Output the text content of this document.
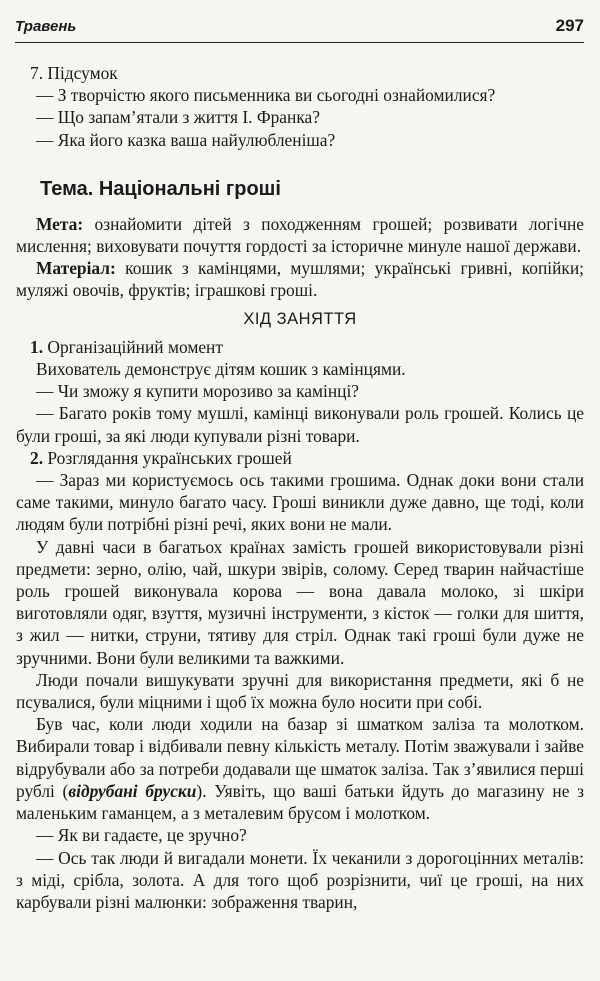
Травень	297

7. Підсумок

— З творчістю якого письменника ви сьогодні ознайомилися?

— Що запам’ятали з життя І. Франка?

— Яка його казка ваша найулюбленіша?

Тема. Національні гроші

Мета: ознайомити дітей з походженням грошей; розвивати логічне мислення; виховувати почуття гордості за історичне минуле нашої держави.

Матеріал: кошик з камінцями, мушлями; українські гривні, копійки; муляжі овочів, фруктів; іграшкові гроші.

ХІД ЗАНЯТТЯ

1. Організаційний момент

Вихователь демонструє дітям кошик з камінцями.

— Чи зможу я купити морозиво за камінці?

— Багато років тому мушлі, камінці виконували роль грошей. Колись це були гроші, за які люди купували різні товари.

2. Розглядання українських грошей

— Зараз ми користуємось ось такими грошима. Однак доки вони стали саме такими, минуло багато часу. Гроші виникли дуже давно, ще тоді, коли людям були потрібні різні речі, яких вони не мали.

У давні часи в багатьох країнах замість грошей використовували різні предмети: зерно, олію, чай, шкури звірів, солому. Серед тварин найчастіше роль грошей виконувала корова — вона давала молоко, зі шкіри виготовляли одяг, взуття, музичні інструменти, з кісток — голки для шиття, з жил — нитки, струни, тятиву для стріл. Однак такі гроші були дуже не зручними. Вони були великими та важкими.

Люди почали вишукувати зручні для використання предмети, які б не псувалися, були міцними і щоб їх можна було носити при собі.

Був час, коли люди ходили на базар зі шматком заліза та молотком. Вибирали товар і відбивали певну кількість металу. Потім зважували і зайве відрубували або за потреби додавали ще шматок заліза. Так з’явилися перші рублі (відрубані бруски). Уявіть, що ваші батьки йдуть до магазину не з маленьким гаманцем, а з металевим брусом і молотком.

— Як ви гадаєте, це зручно?

— Ось так люди й вигадали монети. Їх чеканили з дорогоцінних металів: з міді, срібла, золота. А для того щоб розрізнити, чиї це гроші, на них карбували різні малюнки: зображення тварин,
